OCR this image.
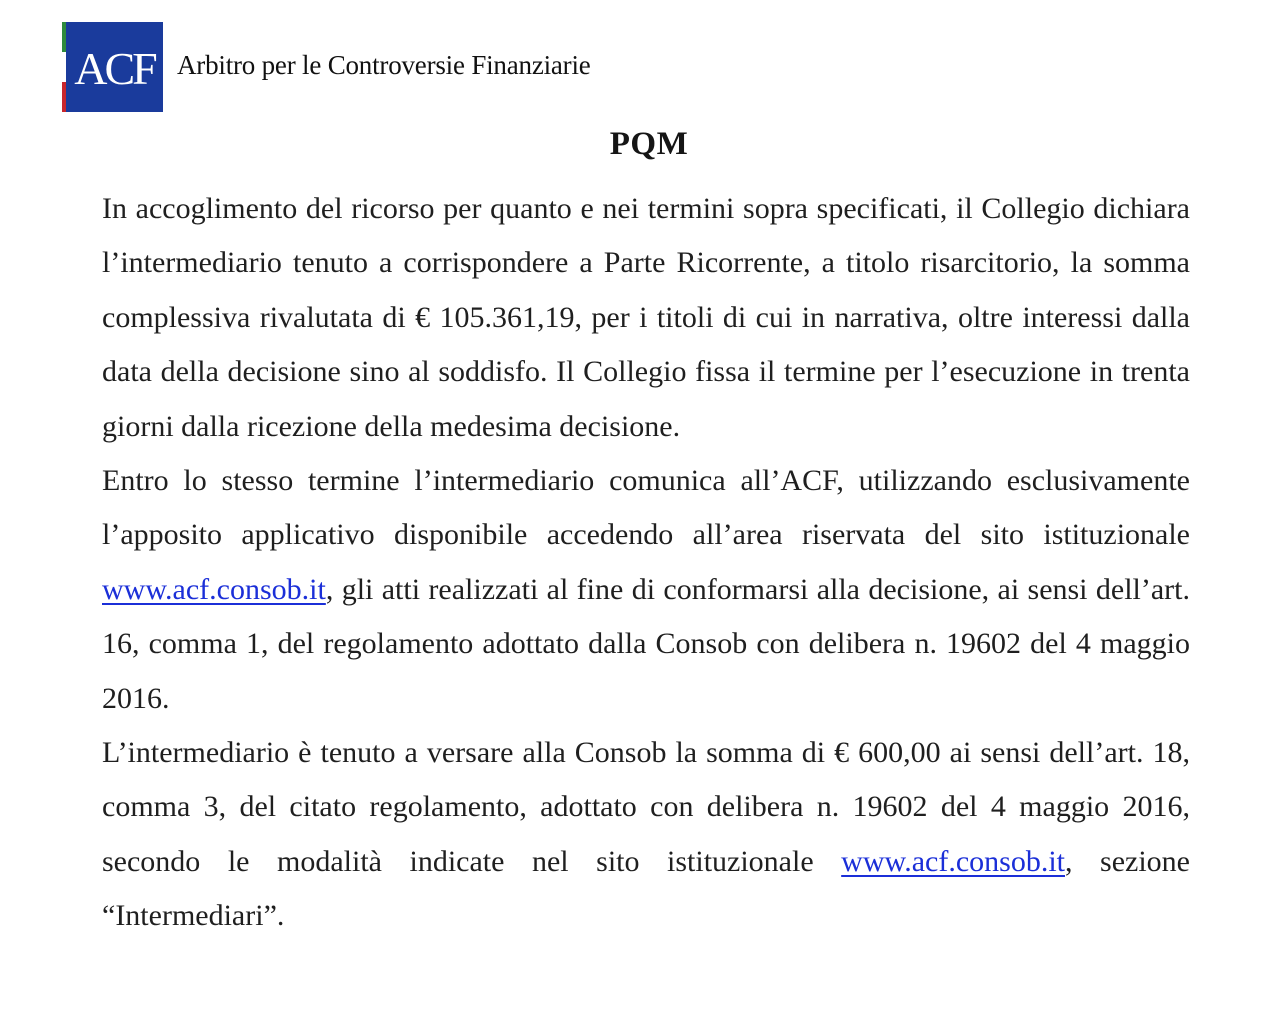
ACF Arbitro per le Controversie Finanziarie
PQM

In accoglimento del ricorso per quanto e nei termini sopra specificati, il Collegio dichiara l’intermediario tenuto a corrispondere a Parte Ricorrente, a titolo risarcitorio, la somma complessiva rivalutata di € 105.361,19, per i titoli di cui in narrativa, oltre interessi dalla data della decisione sino al soddisfo. Il Collegio fissa il termine per l’esecuzione in trenta giorni dalla ricezione della medesima decisione.

Entro lo stesso termine l’intermediario comunica all’ACF, utilizzando esclusivamente l’apposito applicativo disponibile accedendo all’area riservata del sito istituzionale www.acf.consob.it, gli atti realizzati al fine di conformarsi alla decisione, ai sensi dell’art. 16, comma 1, del regolamento adottato dalla Consob con delibera n. 19602 del 4 maggio 2016.

L’intermediario è tenuto a versare alla Consob la somma di € 600,00 ai sensi dell’art. 18, comma 3, del citato regolamento, adottato con delibera n. 19602 del 4 maggio 2016, secondo le modalità indicate nel sito istituzionale www.acf.consob.it, sezione “Intermediari”.
